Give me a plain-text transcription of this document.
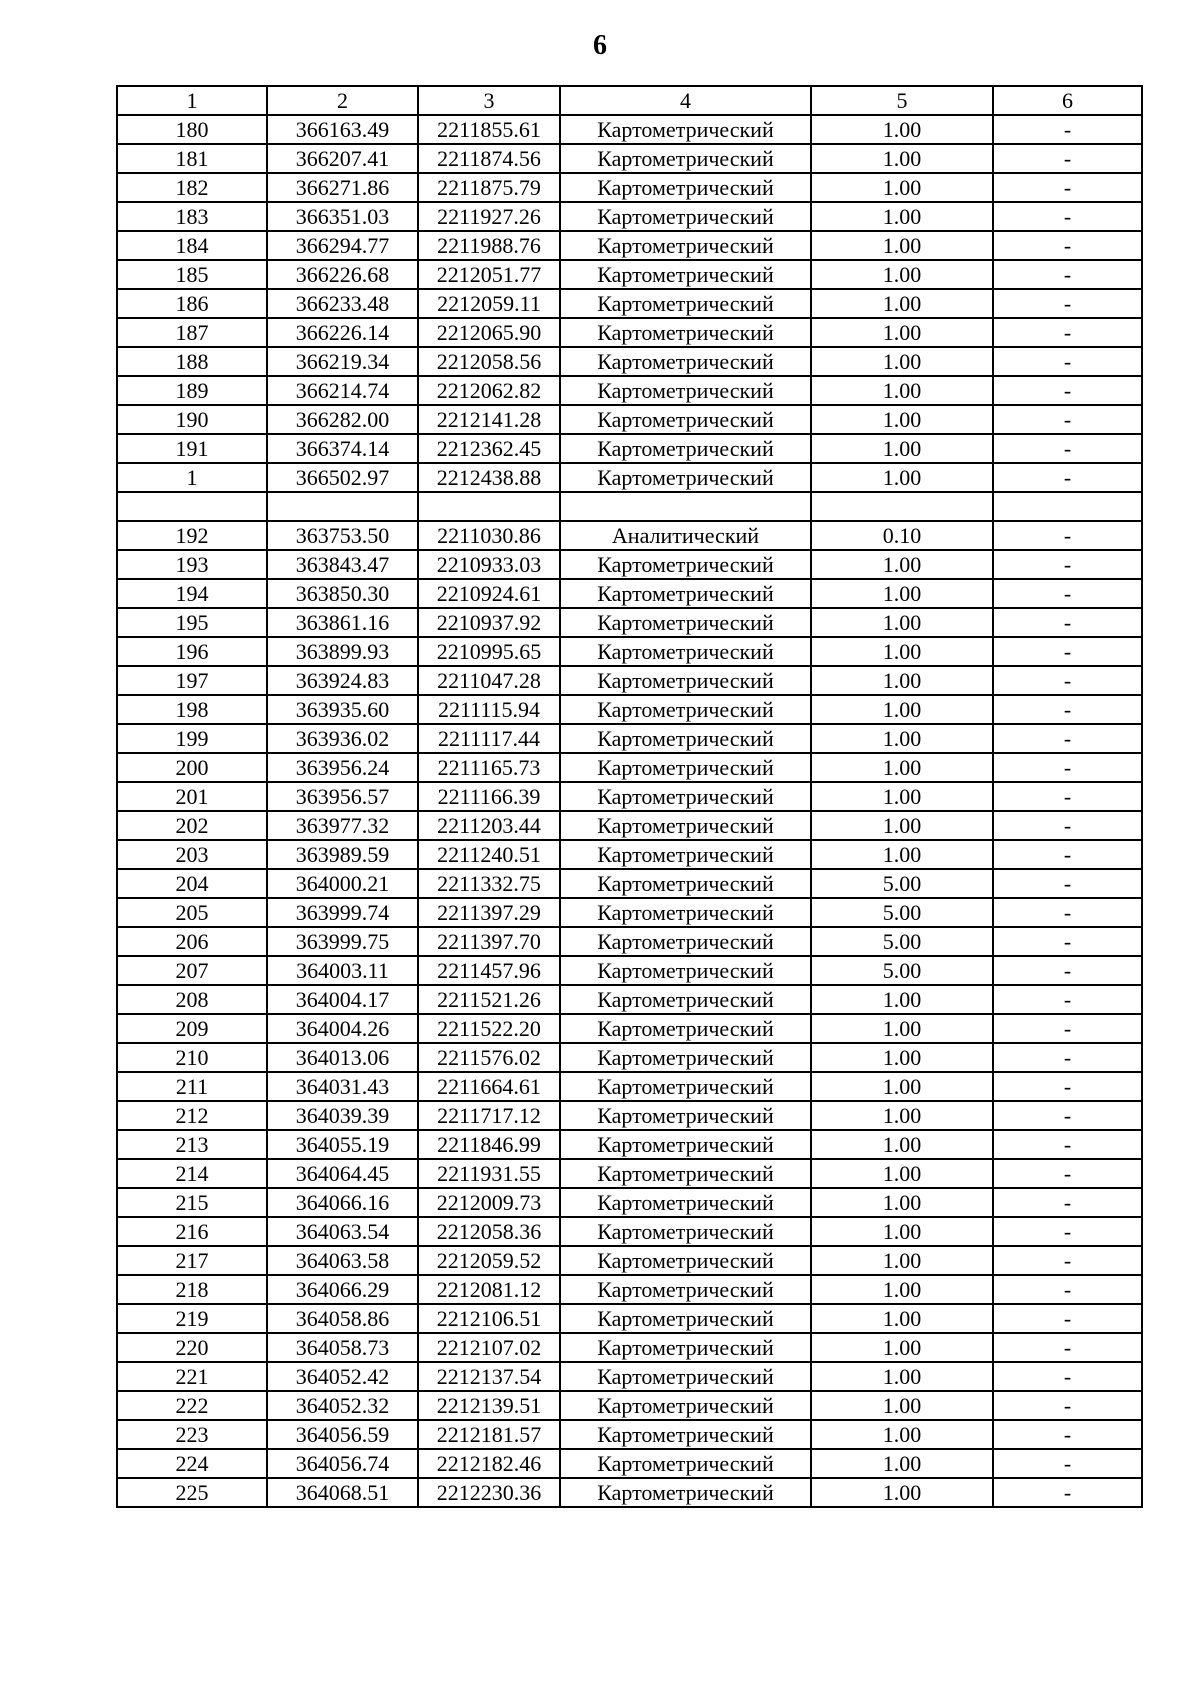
6
1	2	3	4	5	6
180	366163.49	2211855.61	Картометрический	1.00	-
181	366207.41	2211874.56	Картометрический	1.00	-
182	366271.86	2211875.79	Картометрический	1.00	-
183	366351.03	2211927.26	Картометрический	1.00	-
184	366294.77	2211988.76	Картометрический	1.00	-
185	366226.68	2212051.77	Картометрический	1.00	-
186	366233.48	2212059.11	Картометрический	1.00	-
187	366226.14	2212065.90	Картометрический	1.00	-
188	366219.34	2212058.56	Картометрический	1.00	-
189	366214.74	2212062.82	Картометрический	1.00	-
190	366282.00	2212141.28	Картометрический	1.00	-
191	366374.14	2212362.45	Картометрический	1.00	-
1	366502.97	2212438.88	Картометрический	1.00	-

192	363753.50	2211030.86	Аналитический	0.10	-
193	363843.47	2210933.03	Картометрический	1.00	-
194	363850.30	2210924.61	Картометрический	1.00	-
195	363861.16	2210937.92	Картометрический	1.00	-
196	363899.93	2210995.65	Картометрический	1.00	-
197	363924.83	2211047.28	Картометрический	1.00	-
198	363935.60	2211115.94	Картометрический	1.00	-
199	363936.02	2211117.44	Картометрический	1.00	-
200	363956.24	2211165.73	Картометрический	1.00	-
201	363956.57	2211166.39	Картометрический	1.00	-
202	363977.32	2211203.44	Картометрический	1.00	-
203	363989.59	2211240.51	Картометрический	1.00	-
204	364000.21	2211332.75	Картометрический	5.00	-
205	363999.74	2211397.29	Картометрический	5.00	-
206	363999.75	2211397.70	Картометрический	5.00	-
207	364003.11	2211457.96	Картометрический	5.00	-
208	364004.17	2211521.26	Картометрический	1.00	-
209	364004.26	2211522.20	Картометрический	1.00	-
210	364013.06	2211576.02	Картометрический	1.00	-
211	364031.43	2211664.61	Картометрический	1.00	-
212	364039.39	2211717.12	Картометрический	1.00	-
213	364055.19	2211846.99	Картометрический	1.00	-
214	364064.45	2211931.55	Картометрический	1.00	-
215	364066.16	2212009.73	Картометрический	1.00	-
216	364063.54	2212058.36	Картометрический	1.00	-
217	364063.58	2212059.52	Картометрический	1.00	-
218	364066.29	2212081.12	Картометрический	1.00	-
219	364058.86	2212106.51	Картометрический	1.00	-
220	364058.73	2212107.02	Картометрический	1.00	-
221	364052.42	2212137.54	Картометрический	1.00	-
222	364052.32	2212139.51	Картометрический	1.00	-
223	364056.59	2212181.57	Картометрический	1.00	-
224	364056.74	2212182.46	Картометрический	1.00	-
225	364068.51	2212230.36	Картометрический	1.00	-
